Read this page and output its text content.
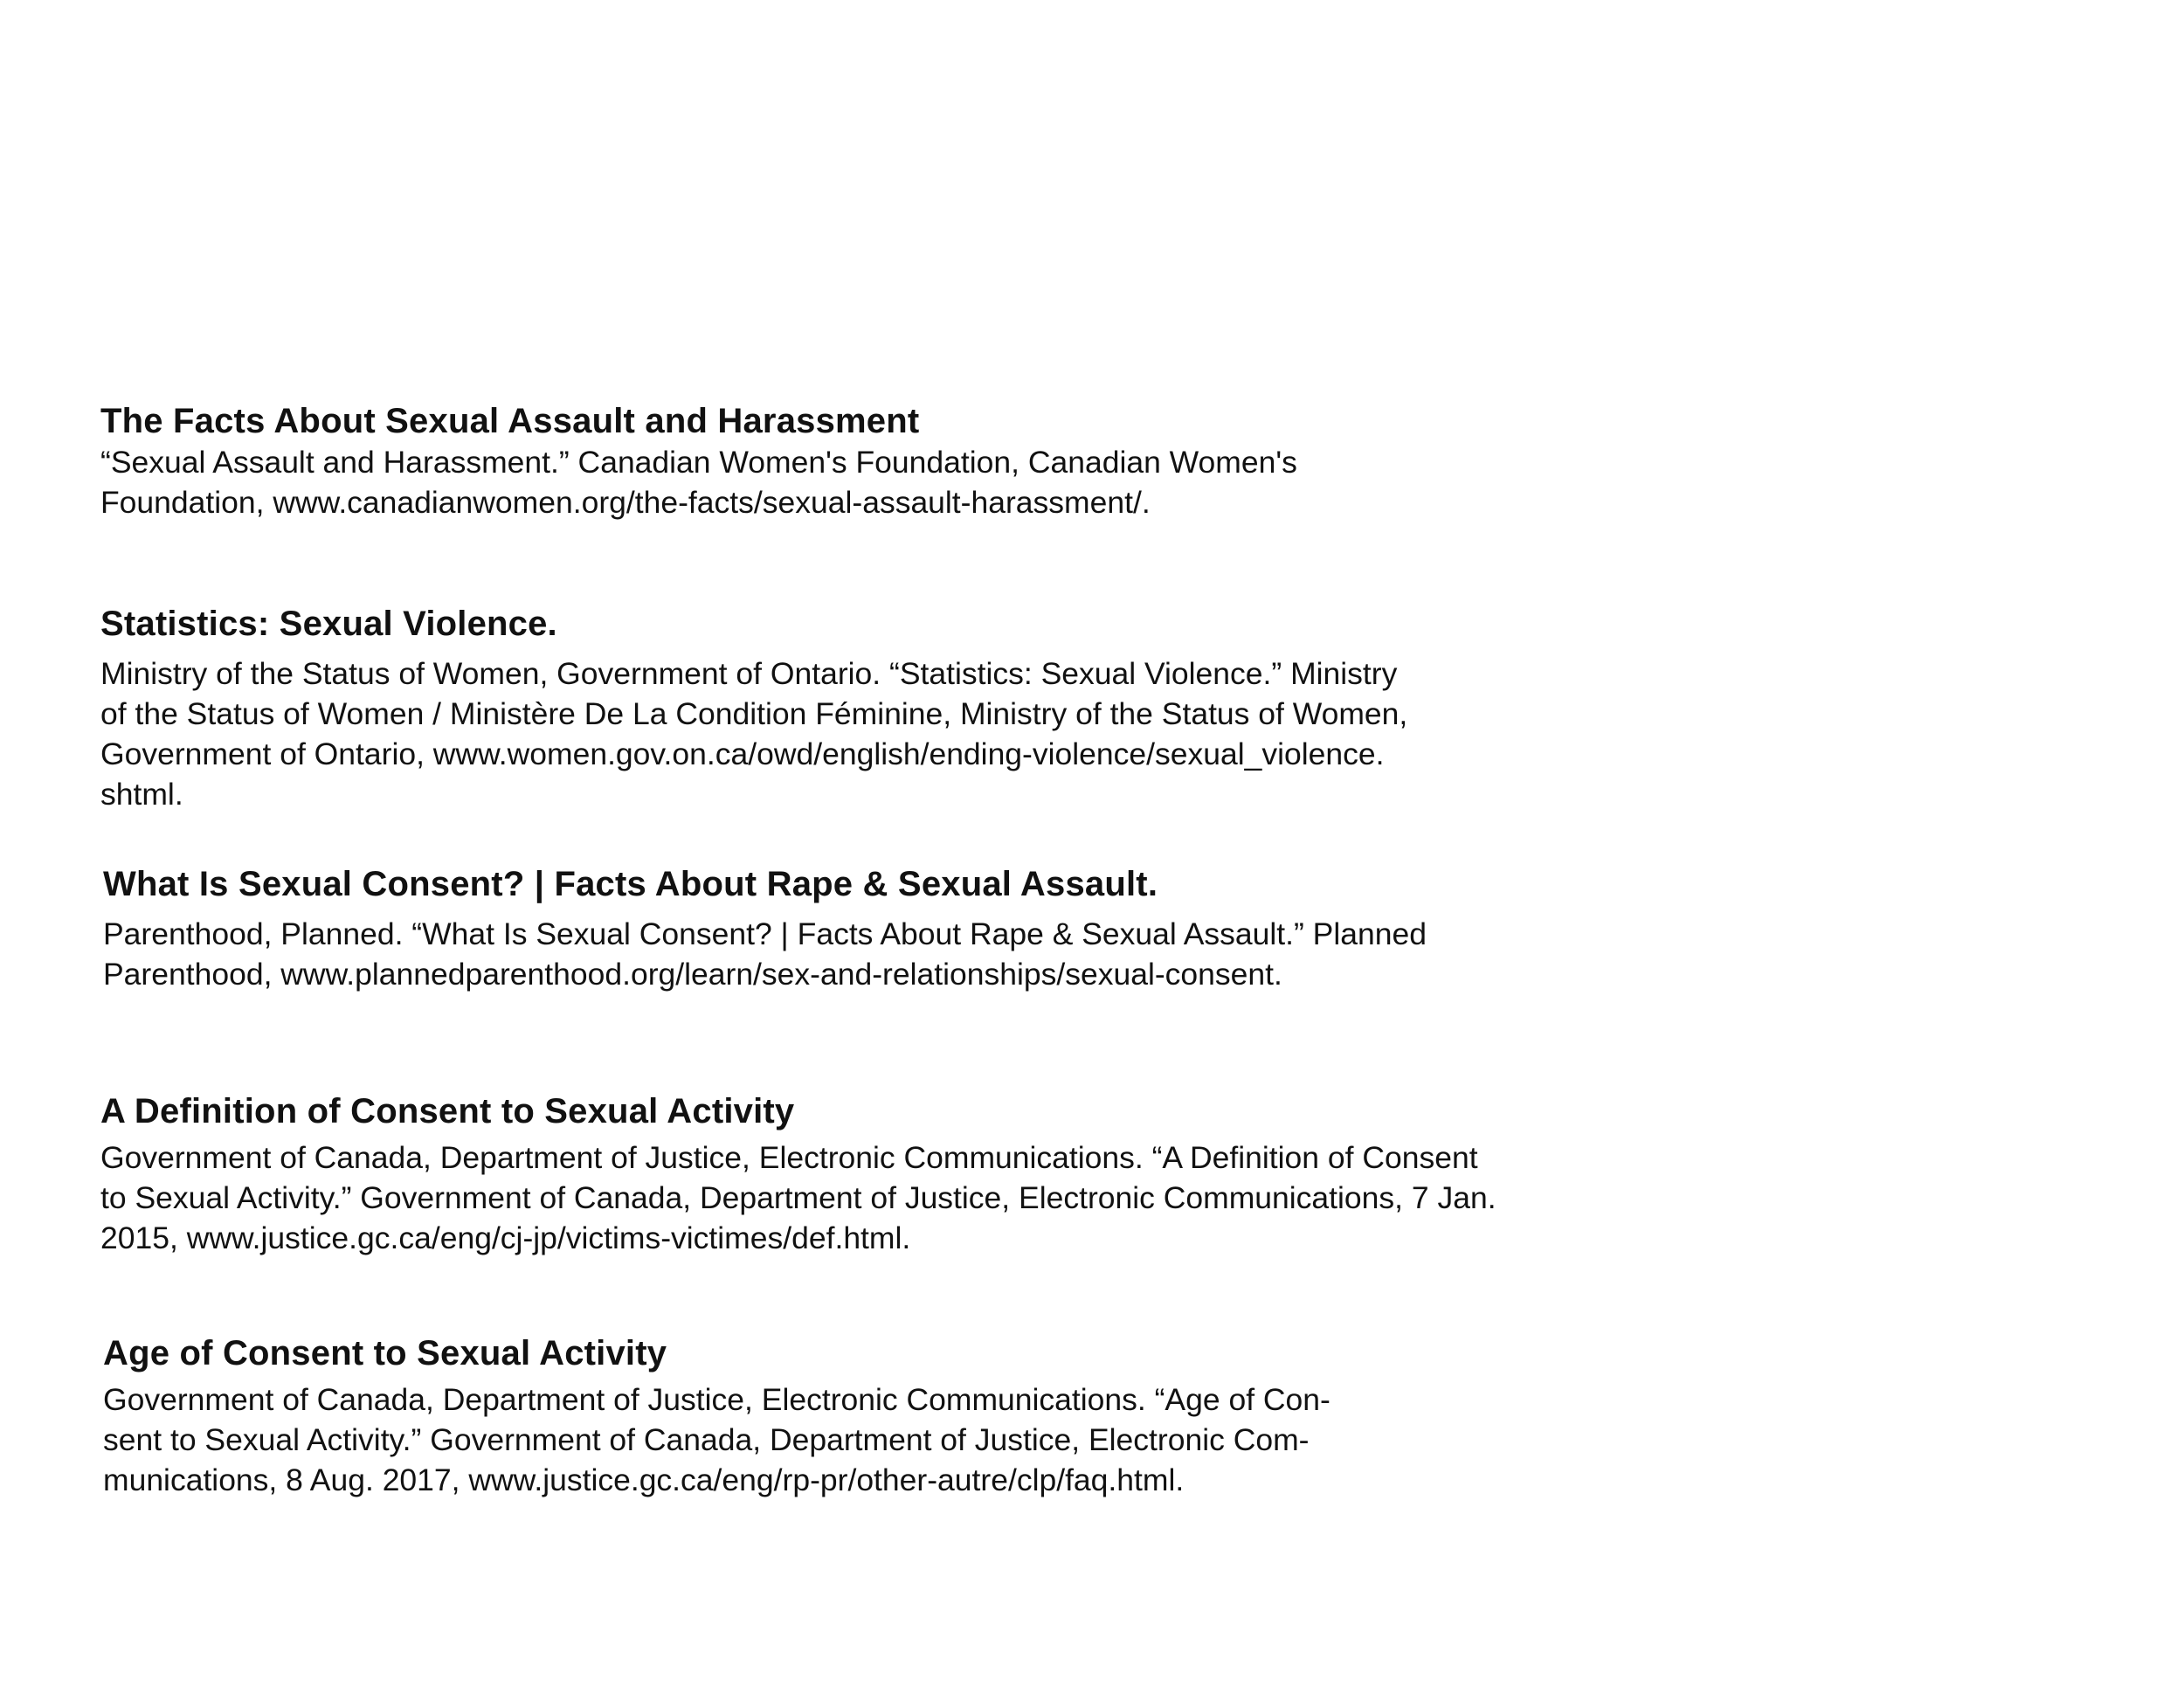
The Facts About Sexual Assault and Harassment

“Sexual Assault and Harassment.” Canadian Women's Foundation, Canadian Women's
Foundation, www.canadianwomen.org/the-facts/sexual-assault-harassment/.

Statistics: Sexual Violence.

Ministry of the Status of Women, Government of Ontario. “Statistics: Sexual Violence.” Ministry
of the Status of Women / Ministère De La Condition Féminine, Ministry of the Status of Women,
Government of Ontario, www.women.gov.on.ca/owd/english/ending-violence/sexual_violence.
shtml.

What Is Sexual Consent? | Facts About Rape & Sexual Assault.

Parenthood, Planned. “What Is Sexual Consent? | Facts About Rape & Sexual Assault.” Planned
Parenthood, www.plannedparenthood.org/learn/sex-and-relationships/sexual-consent.

A Definition of Consent to Sexual Activity

Government of Canada, Department of Justice, Electronic Communications. “A Definition of Consent
to Sexual Activity.” Government of Canada, Department of Justice, Electronic Communications, 7 Jan.
2015, www.justice.gc.ca/eng/cj-jp/victims-victimes/def.html.

Age of Consent to Sexual Activity

Government of Canada, Department of Justice, Electronic Communications. “Age of Con-
sent to Sexual Activity.” Government of Canada, Department of Justice, Electronic Com-
munications, 8 Aug. 2017, www.justice.gc.ca/eng/rp-pr/other-autre/clp/faq.html.
